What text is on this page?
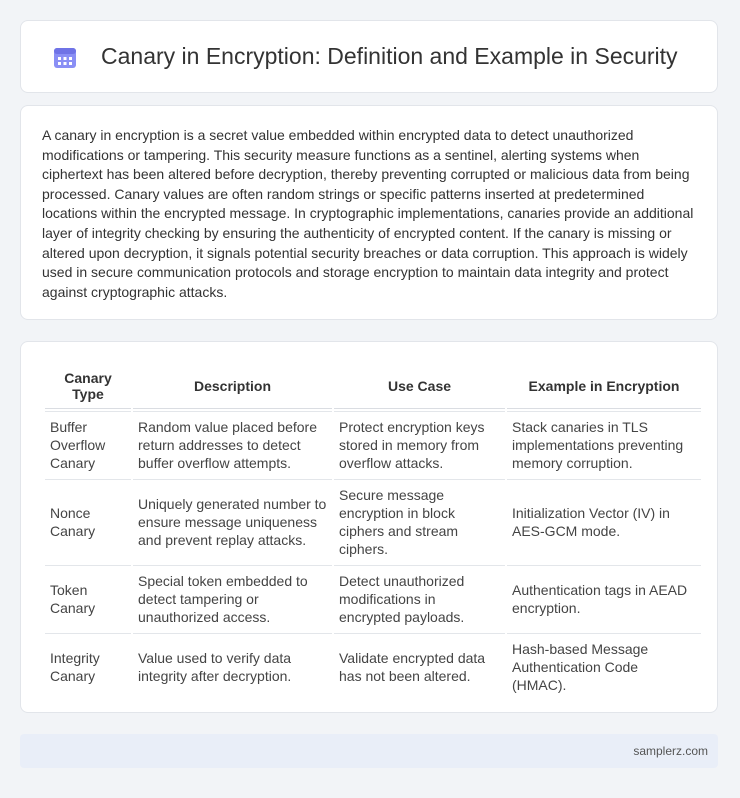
Canary in Encryption: Definition and Example in Security

A canary in encryption is a secret value embedded within encrypted data to detect unauthorized modifications or tampering. This security measure functions as a sentinel, alerting systems when ciphertext has been altered before decryption, thereby preventing corrupted or malicious data from being processed. Canary values are often random strings or specific patterns inserted at predetermined locations within the encrypted message. In cryptographic implementations, canaries provide an additional layer of integrity checking by ensuring the authenticity of encrypted content. If the canary is missing or altered upon decryption, it signals potential security breaches or data corruption. This approach is widely used in secure communication protocols and storage encryption to maintain data integrity and protect against cryptographic attacks.

Canary Type	Description	Use Case	Example in Encryption
Buffer Overflow Canary	Random value placed before return addresses to detect buffer overflow attempts.	Protect encryption keys stored in memory from overflow attacks.	Stack canaries in TLS implementations preventing memory corruption.
Nonce Canary	Uniquely generated number to ensure message uniqueness and prevent replay attacks.	Secure message encryption in block ciphers and stream ciphers.	Initialization Vector (IV) in AES-GCM mode.
Token Canary	Special token embedded to detect tampering or unauthorized access.	Detect unauthorized modifications in encrypted payloads.	Authentication tags in AEAD encryption.
Integrity Canary	Value used to verify data integrity after decryption.	Validate encrypted data has not been altered.	Hash-based Message Authentication Code (HMAC).
samplerz.com
